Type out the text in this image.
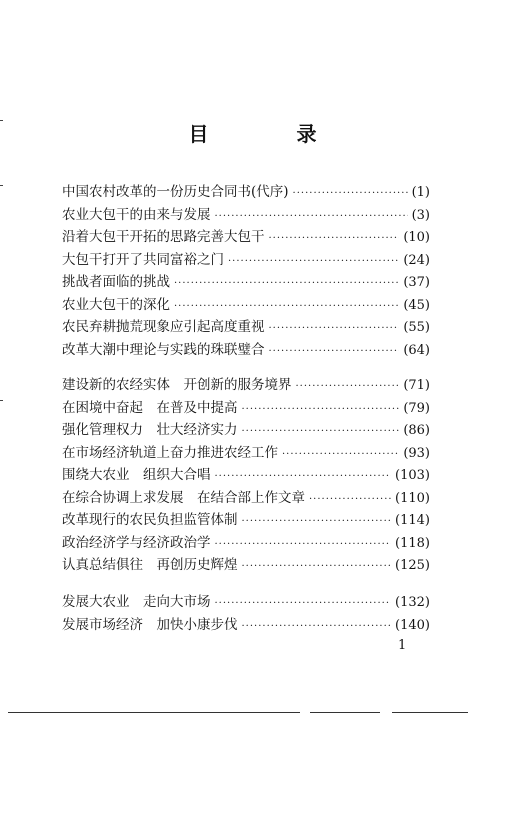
目　录
中国农村改革的一份历史合同书(代序) ·····	(1)
农业大包干的由来与发展 ·····	(3)
沿着大包干开拓的思路完善大包干 ·····	(10)
大包干打开了共同富裕之门 ·····	(24)
挑战者面临的挑战 ·····	(37)
农业大包干的深化 ·····	(45)
农民弃耕抛荒现象应引起高度重视 ·····	(55)
改革大潮中理论与实践的珠联璧合 ·····	(64)
建设新的农经实体　开创新的服务境界 ·····	(71)
在困境中奋起　在普及中提高 ·····	(79)
强化管理权力　壮大经济实力 ·····	(86)
在市场经济轨道上奋力推进农经工作 ·····	(93)
围绕大农业　组织大合唱 ·····	(103)
在综合协调上求发展　在结合部上作文章 ·····	(110)
改革现行的农民负担监管体制 ·····	(114)
政治经济学与经济政治学 ·····	(118)
认真总结俱往　再创历史辉煌 ·····	(125)
发展大农业　走向大市场 ·····	(132)
发展市场经济　加快小康步伐 ·····	(140)
1
